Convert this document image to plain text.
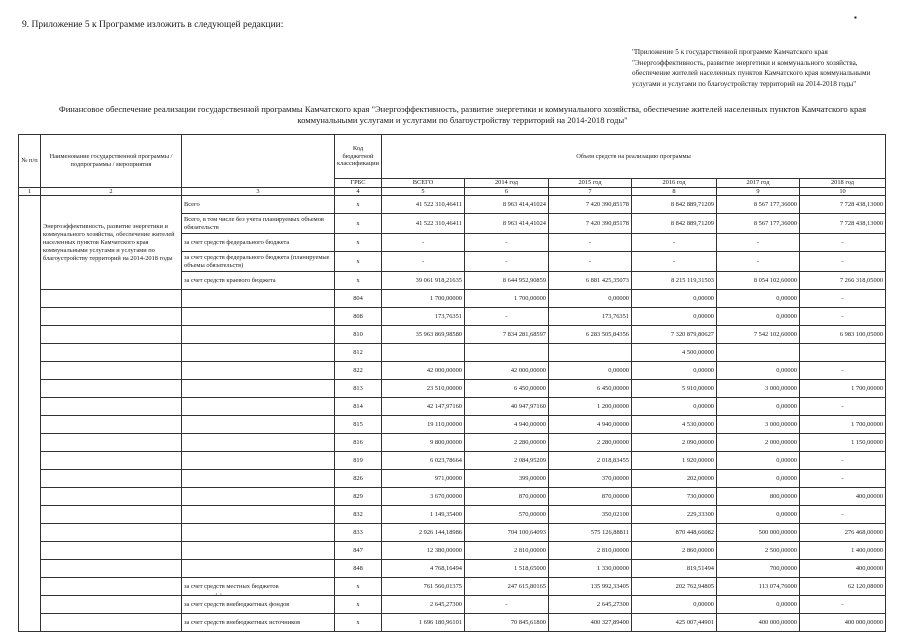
9. Приложение 5 к Программе изложить в следующей редакции:
▪
"Приложение 5 к государственной программе Камчатского края "Энергоэффективность, развитие энергетики и коммунального хозяйства, обеспечение жителей населенных пунктов Камчатского края коммунальными услугами и услугами по благоустройству территорий на 2014-2018 годы"
Финансовое обеспечение реализации государственной программы Камчатского края "Энергоэффективность, развитие энергетики и коммунального хозяйства, обеспечение жителей населенных пунктов Камчатского края коммунальными услугами и услугами по благоустройству территорий на 2014-2018 годы"
№ п/п	Наименование государственной программы / подпрограммы / мероприятия		Код бюджетной классификации	Объем средств на реализацию программы					
			ГРБС	ВСЕГО	2014 год	2015 год	2016 год	2017 год	2018 год
1	2	3	4	5	6	7	8	9	10
	Энергоэффективность, развитие энергетики и коммунального хозяйства, обеспечение жителей населенных пунктов Камчатского края коммунальными услугами и услугами по благоустройству территорий на 2014-2018 годы	Всего	х	41 522 310,46411	8 963 414,41024	7 420 390,85178	8 842 889,71209	8 567 177,36000	7 728 438,13000
		Всего, в том числе без учета планируемых объемов обязательств	х	41 522 310,46411	8 963 414,41024	7 420 390,85178	8 842 889,71209	8 567 177,36000	7 728 438,13000
		за счет средств федерального бюджета	х	-	-	-	-	-	-
		за счет средств федерального бюджета (планируемые объемы обязательств)	х	-	-	-	-	-	-
		за счет средств краевого бюджета	х	39 061 918,21635	8 644 952,90859	6 881 425,35073	8 215 119,31503	8 054 102,60000	7 266 318,05000
			804	1 700,00000	1 700,00000	0,00000	0,00000	0,00000	-
			808	173,76351	-	173,76351	0,00000	0,00000	-
			810	35 963 869,98580	7 834 281,68597	6 283 505,84356	7 320 879,80627	7 542 102,60000	6 983 100,05000
			812				4 500,00000		
			822	42 000,00000	42 000,00000	0,00000	0,00000	0,00000	-
			813	23 510,00000	6 450,00000	6 450,00000	5 910,00000	3 000,00000	1 700,00000
			814	42 147,97160	40 947,97160	1 200,00000	0,00000	0,00000	-
			815	19 110,00000	4 940,00000	4 940,00000	4 530,00000	3 000,00000	1 700,00000
			816	9 800,00000	2 280,00000	2 280,00000	2 090,00000	2 000,00000	1 150,00000
			819	6 023,78664	2 084,95209	2 018,83455	1 920,00000	0,00000	-
			826	971,00000	399,00000	370,00000	202,00000	0,00000	-
			829	3 670,00000	870,00000	870,00000	730,00000	800,00000	400,00000
			832	1 149,35400	570,00000	350,02100	229,33300	0,00000	-
			833	2 926 144,18986	704 100,64093	575 126,88811	870 448,66082	500 000,00000	276 468,00000
			847	12 380,00000	2 810,00000	2 810,00000	2 860,00000	2 500,00000	1 400,00000
			848	4 768,16494	1 518,65000	1 330,00000	819,51494	700,00000	400,00000
		за счет средств местных бюджетов	х	761 566,01375	247 615,80165	135 992,33405	202 762,94805	113 074,76000	62 120,08000
		за счет средств внебюджетных фондов	х	2 645,27300	-	2 645,27300	0,00000	0,00000	-
		за счет средств внебюджетных источников	х	1 696 180,96101	70 845,61800	400 327,89400	425 007,44901	400 000,00000	400 000,00000
· ·
